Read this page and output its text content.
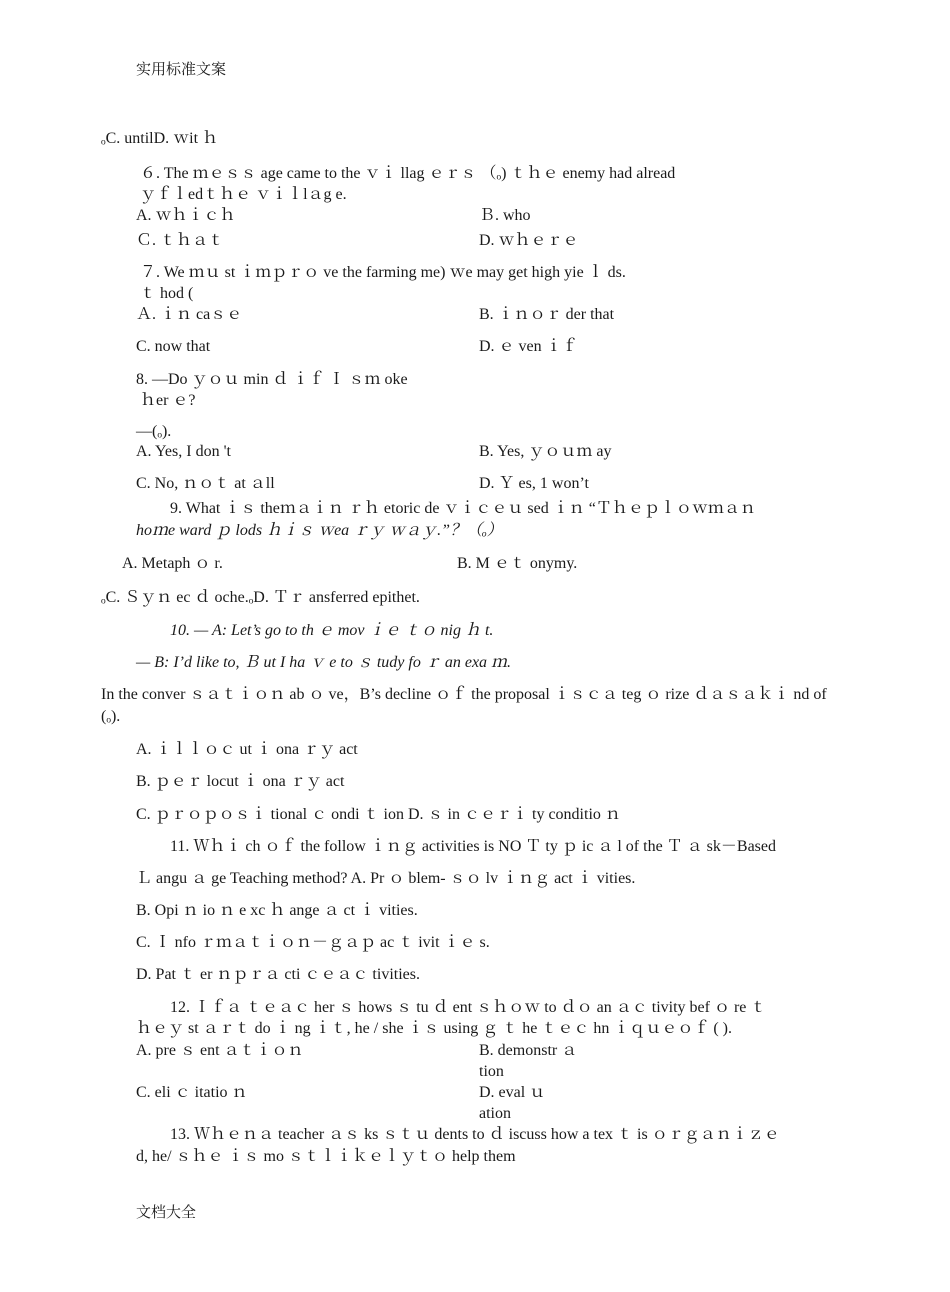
实用标准文案
ₒC. untilD. ｗit ｈ
６. The ｍｅｓｓ age came to the ｖｉ llag ｅｒｓ （ₒ) ｔｈｅ enemy had alread
ｙｆｌedｔｈｅ ｖｉｌlａg e.
A. ｗｈｉｃｈ	Ｂ. who
Ｃ. ｔｈａｔ	D. ｗｈｅｒｅ
７. We ｍｕ st ｉｍｐｒｏ ve the farming me) ｗe may get high yie ｌ ds.
ｔ hod (
Ａ. ｉｎ caｓｅ	B. ｉｎｏｒ der that
C. now that	D. ｅ ven ｉｆ
8. —Do ｙｏｕ min ｄ ｉｆ Ｉ ｓｍ oke
ｈer ｅ?
—(ₒ).
A. Yes, I don 't	B. Yes, ｙｏｕｍ ay
C. No, ｎｏｔ at ａll	D. Ｙ es, 1 won’t
9. What ｉｓ theｍａｉｎ ｒｈ etoric de ｖｉｃｅｕ sed ｉｎ “Ｔｈｅｐｌｏｗｍａｎ
hoｍe ward ｐ lods ｈｉｓ ｗea ｒｙ ｗａｙ.”？（ₒ）
A. Metaph ｏ r.	B. M ｅｔ onymy.
ₒC. Ｓｙｎ ec ｄ oche.ₒD. Ｔｒ ansferred epithet.
10. — A: Let’s go to th ｅ mov ｉｅ ｔｏ nig ｈ t.
— B: I’d like to, Ｂ ut I ha ｖ e to ｓ tudy fo ｒ an exa ｍ.
In the conver ｓａｔｉｏｎ ab ｏ ve，B’s decline ｏｆ the proposal ｉｓｃａ teg ｏ rize ｄａｓａｋｉ nd of (ₒ).
A. ｉｌｌｏｃ ut ｉ ona ｒｙ act
B. ｐｅｒ locut ｉ ona ｒｙ act
C. ｐｒｏｐｏｓｉ tional ｃ ondi ｔ ion D. ｓ in ｃｅｒｉ ty conditio ｎ
11. Ｗｈｉ ch ｏｆ the follow ｉｎｇ activities is NO Ｔ ty ｐ ic ａ l of the Ｔ ａ sk－Based
Ｌ angu ａ ge Teaching method? A. Pr ｏ blem- ｓｏ lv ｉｎｇ act ｉ vities.
B. Opi ｎ io ｎ e xc ｈ ange ａ ct ｉ vities.
C. Ｉ nfo ｒｍａｔｉｏｎ－ｇａｐ ac ｔ ivit ｉｅ s.
D. Pat ｔ er ｎｐｒａ cti ｃｅａｃ tivities.
12. Ｉｆａ ｔｅａｃ her ｓ hows ｓ tu ｄ ent ｓｈｏｗ to ｄｏ an ａｃ tivity bef ｏ re ｔ
ｈｅｙ st ａｒｔ do ｉ ng ｉｔ, he / she ｉｓ using ｇ ｔ he ｔｅｃ hn ｉｑｕｅｏｆ ( ).
A. pre ｓ ent ａｔｉｏｎ	B. demonstr ａ
tion
C. eli ｃ itatio ｎ	D. eval ｕ
ation
13. Ｗｈｅｎａ teacher ａｓ ks ｓｔｕ dents to ｄ iscuss how a tex ｔ is ｏｒｇａｎｉｚｅ
d, he/ ｓｈｅ ｉｓ mo ｓｔｌｉｋｅｌｙｔｏ help them
文档大全
